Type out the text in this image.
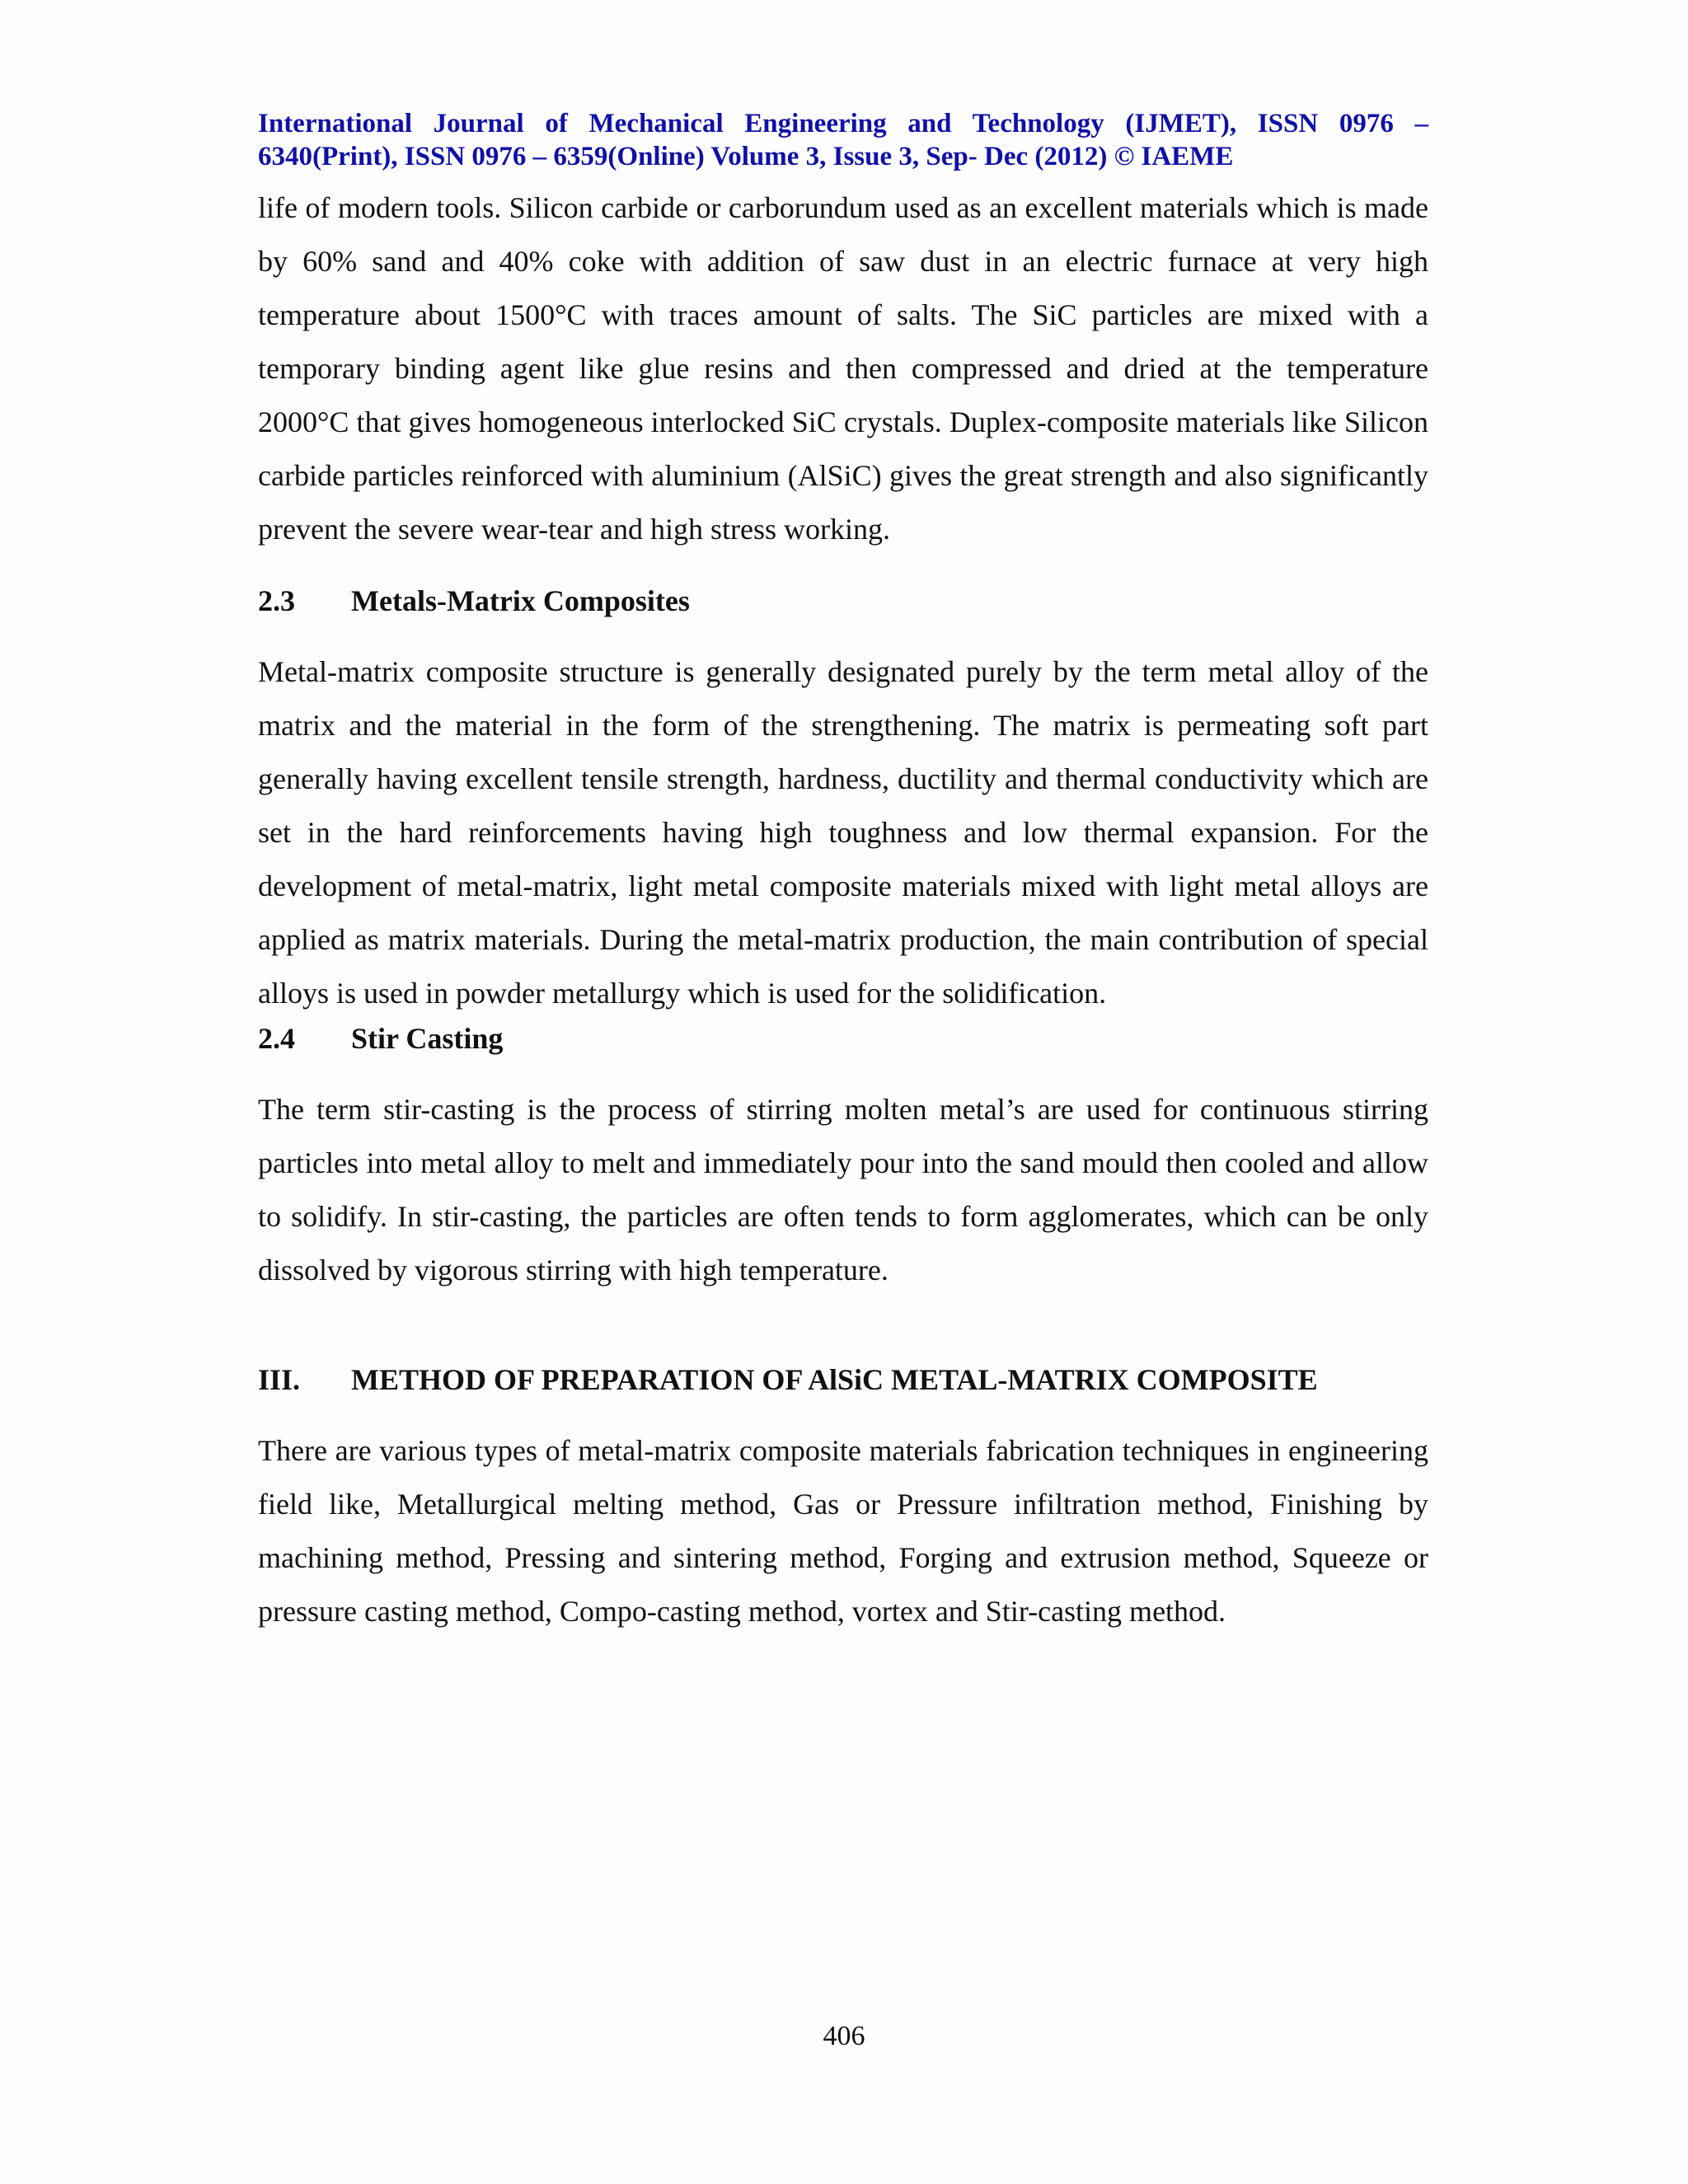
International Journal of Mechanical Engineering and Technology (IJMET), ISSN 0976 –
6340(Print), ISSN 0976 – 6359(Online) Volume 3, Issue 3, Sep- Dec (2012) © IAEME

life of modern tools. Silicon carbide or carborundum used as an excellent materials which is made by 60% sand and 40% coke with addition of saw dust in an electric furnace at very high temperature about 1500°C with traces amount of salts. The SiC particles are mixed with a temporary binding agent like glue resins and then compressed and dried at the temperature 2000°C that gives homogeneous interlocked SiC crystals. Duplex-composite materials like Silicon carbide particles reinforced with aluminium (AlSiC) gives the great strength and also significantly prevent the severe wear-tear and high stress working.

2.3	Metals-Matrix Composites

Metal-matrix composite structure is generally designated purely by the term metal alloy of the matrix and the material in the form of the strengthening. The matrix is permeating soft part generally having excellent tensile strength, hardness, ductility and thermal conductivity which are set in the hard reinforcements having high toughness and low thermal expansion. For the development of metal-matrix, light metal composite materials mixed with light metal alloys are applied as matrix materials. During the metal-matrix production, the main contribution of special alloys is used in powder metallurgy which is used for the solidification.

2.4	Stir Casting

The term stir-casting is the process of stirring molten metal’s are used for continuous stirring particles into metal alloy to melt and immediately pour into the sand mould then cooled and allow to solidify. In stir-casting, the particles are often tends to form agglomerates, which can be only dissolved by vigorous stirring with high temperature.

III.	METHOD OF PREPARATION OF AlSiC METAL-MATRIX COMPOSITE

There are various types of metal-matrix composite materials fabrication techniques in engineering field like, Metallurgical melting method, Gas or Pressure infiltration method, Finishing by machining method, Pressing and sintering method, Forging and extrusion method, Squeeze or pressure casting method, Compo-casting method, vortex and Stir-casting method.

406
